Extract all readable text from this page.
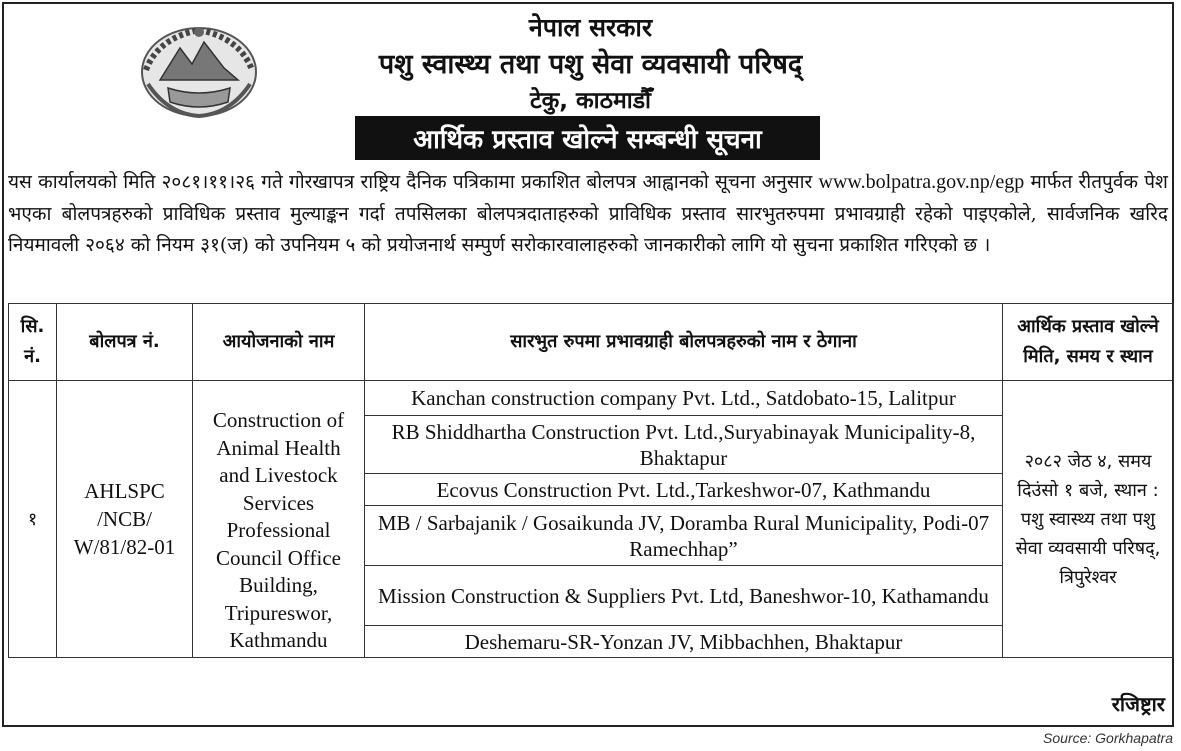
नेपाल सरकार
पशु स्वास्थ्य तथा पशु सेवा व्यवसायी परिषद्
टेकु, काठमाडौँ
आर्थिक प्रस्ताव खोल्ने सम्बन्धी सूचना
यस कार्यालयको मिति २०८१।११।२६ गते गोरखापत्र राष्ट्रिय दैनिक पत्रिकामा प्रकाशित बोलपत्र आह्वानको सूचना अनुसार www.bolpatra.gov.np/egp मार्फत रीतपुर्वक पेश भएका बोलपत्रहरुको प्राविधिक प्रस्ताव मुल्याङ्कन गर्दा तपसिलका बोलपत्रदाताहरुको प्राविधिक प्रस्ताव सारभुतरुपमा प्रभावग्राही रहेको पाइएकोले, सार्वजनिक खरिद नियमावली २०६४ को नियम ३१(ज) को उपनियम ५ को प्रयोजनार्थ सम्पुर्ण सरोकारवालाहरुको जानकारीको लागि यो सुचना प्रकाशित गरिएको छ ।
सि. नं.	बोलपत्र नं.	आयोजनाको नाम	सारभुत रुपमा प्रभावग्राही बोलपत्रहरुको नाम र ठेगाना	आर्थिक प्रस्ताव खोल्ने मिति, समय र स्थान
१	AHLSPC /NCB/ W/81/82-01	Construction of Animal Health and Livestock Services Professional Council Office Building, Tripureswor, Kathmandu	Kanchan construction company Pvt. Ltd., Satdobato-15, Lalitpur	२०८२ जेठ ४, समय दिउंसो १ बजे, स्थान : पशु स्वास्थ्य तथा पशु सेवा व्यवसायी परिषद्, त्रिपुरेश्वर
			RB Shiddhartha Construction Pvt. Ltd.,Suryabinayak Municipality-8, Bhaktapur	
			Ecovus Construction Pvt. Ltd.,Tarkeshwor-07, Kathmandu	
			MB / Sarbajanik / Gosaikunda JV, Doramba Rural Municipality, Podi-07 Ramechhap”	
			Mission Construction & Suppliers Pvt. Ltd, Baneshwor-10, Kathamandu	
			Deshemaru-SR-Yonzan JV, Mibbachhen, Bhaktapur	
रजिष्ट्रार
Source: Gorkhapatra
